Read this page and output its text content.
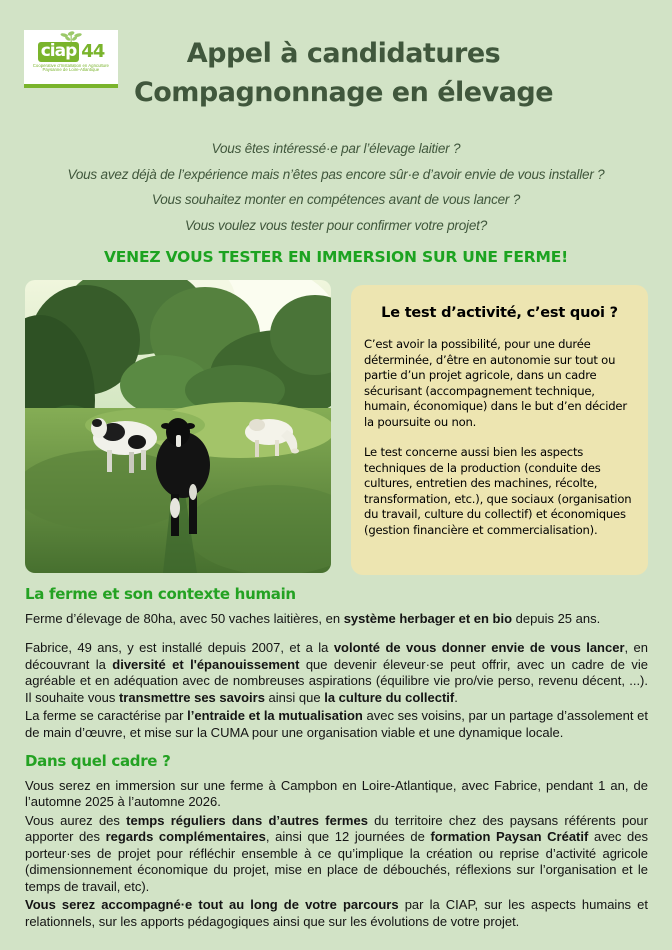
ciap 44
Coopérative d’Installation en Agriculture
Paysanne de Loire-Atlantique
Appel à candidatures
Compagnonnage en élevage
Vous êtes intéressé·e par l’élevage laitier ?
Vous avez déjà de l’expérience mais n’êtes pas encore sûr·e d’avoir envie de vous installer ?
Vous souhaitez monter en compétences avant de vous lancer ?
Vous voulez vous tester pour confirmer votre projet?
VENEZ VOUS TESTER EN IMMERSION SUR UNE FERME!
Le test d’activité, c’est quoi ?

C’est avoir la possibilité, pour une durée déterminée, d’être en autonomie sur tout ou partie d’un projet agricole, dans un cadre sécurisant (accompagnement technique, humain, économique) dans le but d’en décider la poursuite ou non.

Le test concerne aussi bien les aspects techniques de la production (conduite des cultures, entretien des machines, récolte, transformation, etc.), que sociaux (organisation du travail, culture du collectif) et économiques (gestion financière et commercialisation).

La ferme et son contexte humain

Ferme d’élevage de 80ha, avec 50 vaches laitières, en système herbager et en bio depuis 25 ans.

Fabrice, 49 ans, y est installé depuis 2007, et a la volonté de vous donner envie de vous lancer, en découvrant la diversité et l'épanouissement que devenir éleveur·se peut offrir, avec un cadre de vie agréable et en adéquation avec de nombreuses aspirations (équilibre vie pro/vie perso, revenu décent, ...). Il souhaite vous transmettre ses savoirs ainsi que la culture du collectif.

La ferme se caractérise par l’entraide et la mutualisation avec ses voisins, par un partage d’assolement et de main d’œuvre, et mise sur la CUMA pour une organisation viable et une dynamique locale.

Dans quel cadre ?

Vous serez en immersion sur une ferme à Campbon en Loire-Atlantique, avec Fabrice, pendant 1 an, de l’automne 2025 à l’automne 2026.

Vous aurez des temps réguliers dans d’autres fermes du territoire chez des paysans référents pour apporter des regards complémentaires, ainsi que 12 journées de formation Paysan Créatif avec des porteur·ses de projet pour réfléchir ensemble à ce qu’implique la création ou reprise d’activité agricole (dimensionnement économique du projet, mise en place de débouchés, réflexions sur l’organisation et le temps de travail, etc).

Vous serez accompagné·e tout au long de votre parcours par la CIAP, sur les aspects humains et relationnels, sur les apports pédagogiques ainsi que sur les évolutions de votre projet.
